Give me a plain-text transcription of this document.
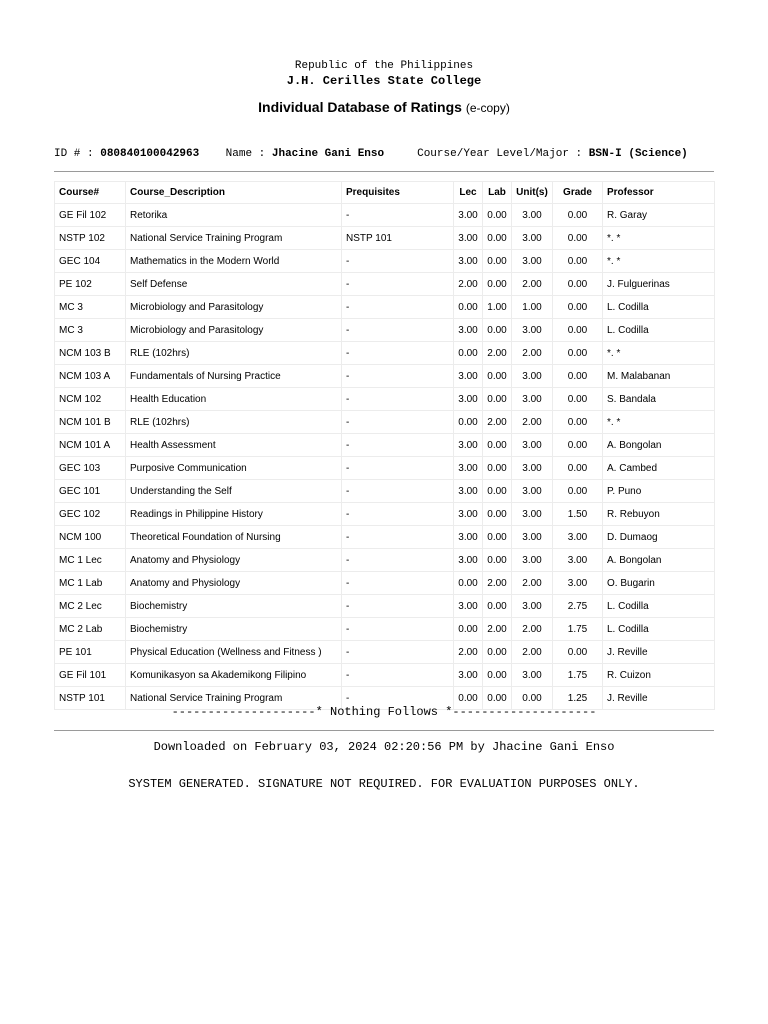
Republic of the Philippines
J.H. Cerilles State College
Individual Database of Ratings (e-copy)
ID # : 080840100042963 Name : Jhacine Gani Enso	Course/Year Level/Major : BSN-I (Science)
Course#	Course_Description	Prequisites	Lec	Lab	Unit(s)	Grade	Professor
GE Fil 102	Retorika	-	3.00	0.00	3.00	0.00	R. Garay
NSTP 102	National Service Training Program	NSTP 101	3.00	0.00	3.00	0.00	*. *
GEC 104	Mathematics in the Modern World	-	3.00	0.00	3.00	0.00	*. *
PE 102	Self Defense	-	2.00	0.00	2.00	0.00	J. Fulguerinas
MC 3	Microbiology and Parasitology	-	0.00	1.00	1.00	0.00	L. Codilla
MC 3	Microbiology and Parasitology	-	3.00	0.00	3.00	0.00	L. Codilla
NCM 103 B	RLE (102hrs)	-	0.00	2.00	2.00	0.00	*. *
NCM 103 A	Fundamentals of Nursing Practice	-	3.00	0.00	3.00	0.00	M. Malabanan
NCM 102	Health Education	-	3.00	0.00	3.00	0.00	S. Bandala
NCM 101 B	RLE (102hrs)	-	0.00	2.00	2.00	0.00	*. *
NCM 101 A	Health Assessment	-	3.00	0.00	3.00	0.00	A. Bongolan
GEC 103	Purposive Communication	-	3.00	0.00	3.00	0.00	A. Cambed
GEC 101	Understanding the Self	-	3.00	0.00	3.00	0.00	P. Puno
GEC 102	Readings in Philippine History	-	3.00	0.00	3.00	1.50	R. Rebuyon
NCM 100	Theoretical Foundation of Nursing	-	3.00	0.00	3.00	3.00	D. Dumaog
MC 1 Lec	Anatomy and Physiology	-	3.00	0.00	3.00	3.00	A. Bongolan
MC 1 Lab	Anatomy and Physiology	-	0.00	2.00	2.00	3.00	O. Bugarin
MC 2 Lec	Biochemistry	-	3.00	0.00	3.00	2.75	L. Codilla
MC 2 Lab	Biochemistry	-	0.00	2.00	2.00	1.75	L. Codilla
PE 101	Physical Education (Wellness and Fitness )	-	2.00	0.00	2.00	0.00	J. Reville
GE Fil 101	Komunikasyon sa Akademikong Filipino	-	3.00	0.00	3.00	1.75	R. Cuizon
NSTP 101	National Service Training Program	-	0.00	0.00	0.00	1.25	J. Reville
--------------------* Nothing Follows *--------------------
Downloaded on February 03, 2024 02:20:56 PM by Jhacine Gani Enso
SYSTEM GENERATED. SIGNATURE NOT REQUIRED. FOR EVALUATION PURPOSES ONLY.
